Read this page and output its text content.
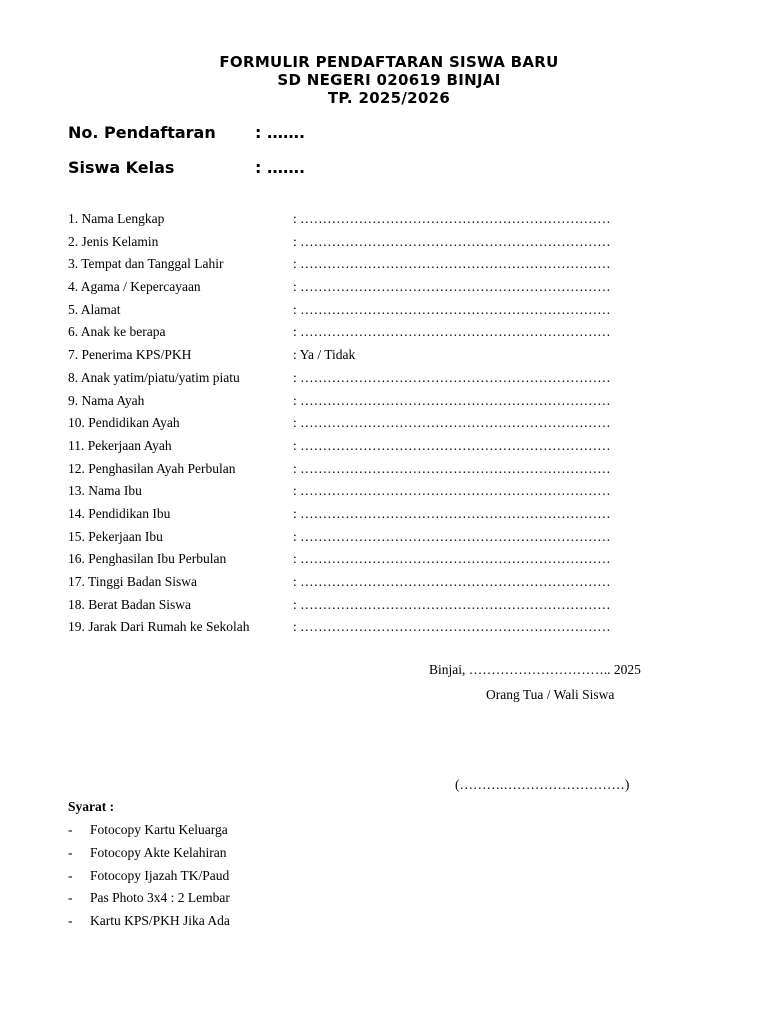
FORMULIR PENDAFTARAN SISWA BARU
SD NEGERI 020619 BINJAI
TP. 2025/2026
No. Pendaftaran : …….
Siswa Kelas	: …….
1. Nama Lengkap	: ……………………………………………………………
2. Jenis Kelamin	: ……………………………………………………………
3. Tempat dan Tanggal Lahir	: ……………………………………………………………
4. Agama / Kepercayaan	: ……………………………………………………………
5. Alamat	: ……………………………………………………………
6. Anak ke berapa	: ……………………………………………………………
7. Penerima KPS/PKH	: Ya / Tidak
8. Anak yatim/piatu/yatim piatu	: ……………………………………………………………
9. Nama Ayah	: ……………………………………………………………
10. Pendidikan Ayah	: ……………………………………………………………
11. Pekerjaan Ayah	: ……………………………………………………………
12. Penghasilan Ayah Perbulan	: ……………………………………………………………
13. Nama Ibu	: ……………………………………………………………
14. Pendidikan Ibu	: ……………………………………………………………
15. Pekerjaan Ibu	: ……………………………………………………………
16. Penghasilan Ibu Perbulan	: ……………………………………………………………
17. Tinggi Badan Siswa	: ……………………………………………………………
18. Berat Badan Siswa	: ……………………………………………………………
19. Jarak Dari Rumah ke Sekolah	: ……………………………………………………………
Binjai, ………………………….. 2025
Orang Tua / Wali Siswa
(……….………………………)
Syarat :
- Fotocopy Kartu Keluarga
- Fotocopy Akte Kelahiran
- Fotocopy Ijazah TK/Paud
- Pas Photo 3x4 : 2 Lembar
- Kartu KPS/PKH Jika Ada
